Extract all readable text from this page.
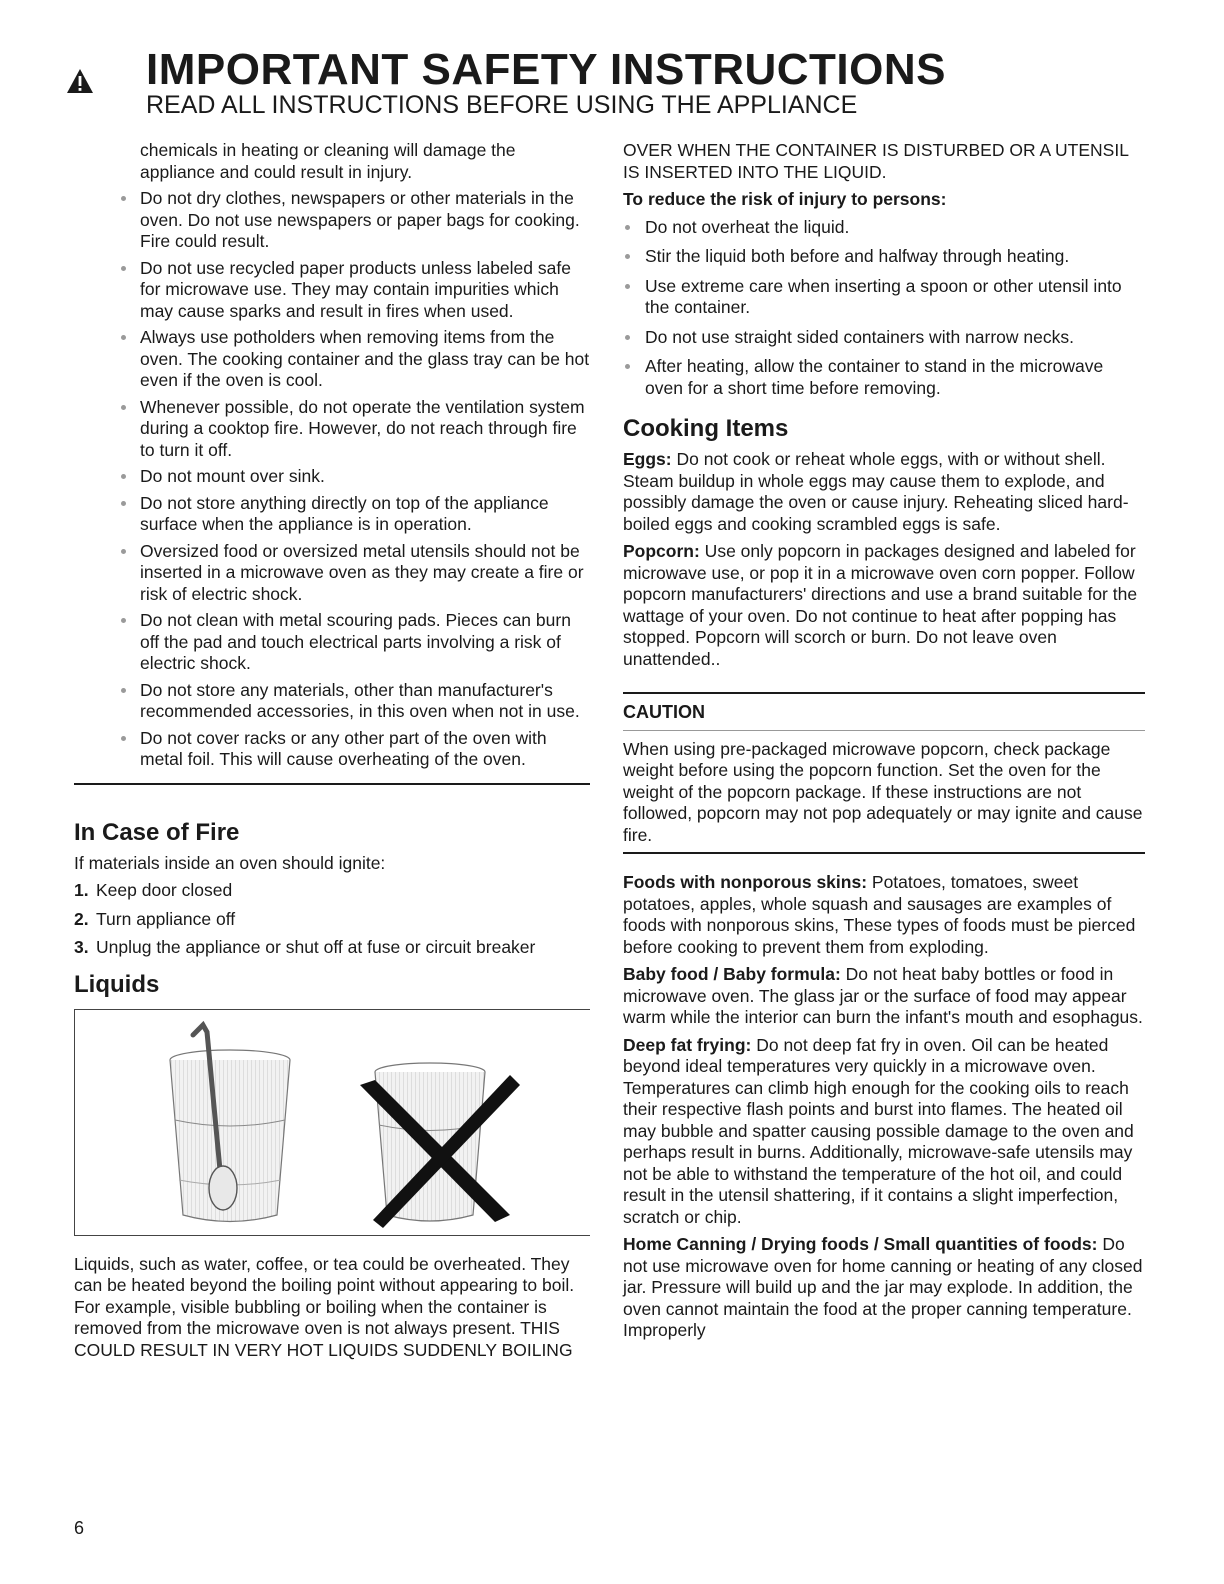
IMPORTANT SAFETY INSTRUCTIONS
READ ALL INSTRUCTIONS BEFORE USING THE APPLIANCE

chemicals in heating or cleaning will damage the appliance and could result in injury.

Do not dry clothes, newspapers or other materials in the oven. Do not use newspapers or paper bags for cooking. Fire could result.
Do not use recycled paper products unless labeled safe for microwave use. They may contain impurities which may cause sparks and result in fires when used.
Always use potholders when removing items from the oven. The cooking container and the glass tray can be hot even if the oven is cool.
Whenever possible, do not operate the ventilation system during a cooktop fire. However, do not reach through fire to turn it off.
Do not mount over sink.
Do not store anything directly on top of the appliance surface when the appliance is in operation.
Oversized food or oversized metal utensils should not be inserted in a microwave oven as they may create a fire or risk of electric shock.
Do not clean with metal scouring pads. Pieces can burn off the pad and touch electrical parts involving a risk of electric shock.
Do not store any materials, other than manufacturer's recommended accessories, in this oven when not in use.
Do not cover racks or any other part of the oven with metal foil. This will cause overheating of the oven.
In Case of Fire

If materials inside an oven should ignite:

1. Keep door closed
2. Turn appliance off
3. Unplug the appliance or shut off at fuse or circuit breaker
Liquids

Liquids, such as water, coffee, or tea could be overheated. They can be heated beyond the boiling point without appearing to boil. For example, visible bubbling or boiling when the container is removed from the microwave oven is not always present. THIS COULD RESULT IN VERY HOT LIQUIDS SUDDENLY BOILING

OVER WHEN THE CONTAINER IS DISTURBED OR A UTENSIL IS INSERTED INTO THE LIQUID.

To reduce the risk of injury to persons:

Do not overheat the liquid.
Stir the liquid both before and halfway through heating.
Use extreme care when inserting a spoon or other utensil into the container.
Do not use straight sided containers with narrow necks.
After heating, allow the container to stand in the microwave oven for a short time before removing.
Cooking Items

Eggs: Do not cook or reheat whole eggs, with or without shell. Steam buildup in whole eggs may cause them to explode, and possibly damage the oven or cause injury. Reheating sliced hard-boiled eggs and cooking scrambled eggs is safe.

Popcorn: Use only popcorn in packages designed and labeled for microwave use, or pop it in a microwave oven corn popper. Follow popcorn manufacturers' directions and use a brand suitable for the wattage of your oven. Do not continue to heat after popping has stopped. Popcorn will scorch or burn. Do not leave oven unattended..

CAUTION

When using pre-packaged microwave popcorn, check package weight before using the popcorn function. Set the oven for the weight of the popcorn package. If these instructions are not followed, popcorn may not pop adequately or may ignite and cause fire.

Foods with nonporous skins: Potatoes, tomatoes, sweet potatoes, apples, whole squash and sausages are examples of foods with nonporous skins, These types of foods must be pierced before cooking to prevent them from exploding.

Baby food / Baby formula: Do not heat baby bottles or food in microwave oven. The glass jar or the surface of food may appear warm while the interior can burn the infant's mouth and esophagus.

Deep fat frying: Do not deep fat fry in oven. Oil can be heated beyond ideal temperatures very quickly in a microwave oven. Temperatures can climb high enough for the cooking oils to reach their respective flash points and burst into flames. The heated oil may bubble and spatter causing possible damage to the oven and perhaps result in burns. Additionally, microwave-safe utensils may not be able to withstand the temperature of the hot oil, and could result in the utensil shattering, if it contains a slight imperfection, scratch or chip.

Home Canning / Drying foods / Small quantities of foods: Do not use microwave oven for home canning or heating of any closed jar. Pressure will build up and the jar may explode. In addition, the oven cannot maintain the food at the proper canning temperature. Improperly

6
